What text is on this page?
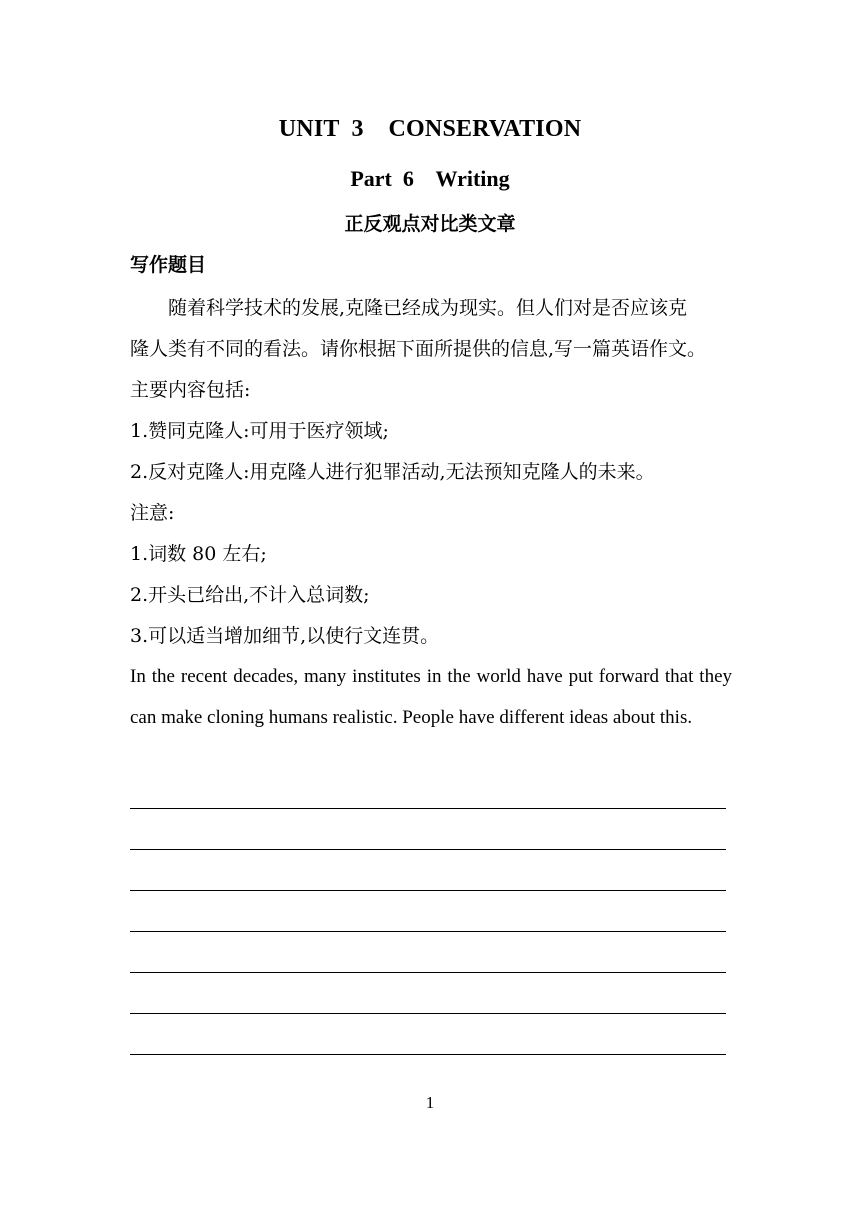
UNIT  3    CONSERVATION
Part  6    Writing
正反观点对比类文章
写作题目
随着科学技术的发展,克隆已经成为现实。但人们对是否应该克
隆人类有不同的看法。请你根据下面所提供的信息,写一篇英语作文。
主要内容包括:
1.赞同克隆人:可用于医疗领域;
2.反对克隆人:用克隆人进行犯罪活动,无法预知克隆人的未来。
注意:
1.词数 80 左右;
2.开头已给出,不计入总词数;
3.可以适当增加细节,以使行文连贯。
In the recent decades, many institutes in the world have put forward that they can make cloning humans realistic. People have different ideas about this.
1
